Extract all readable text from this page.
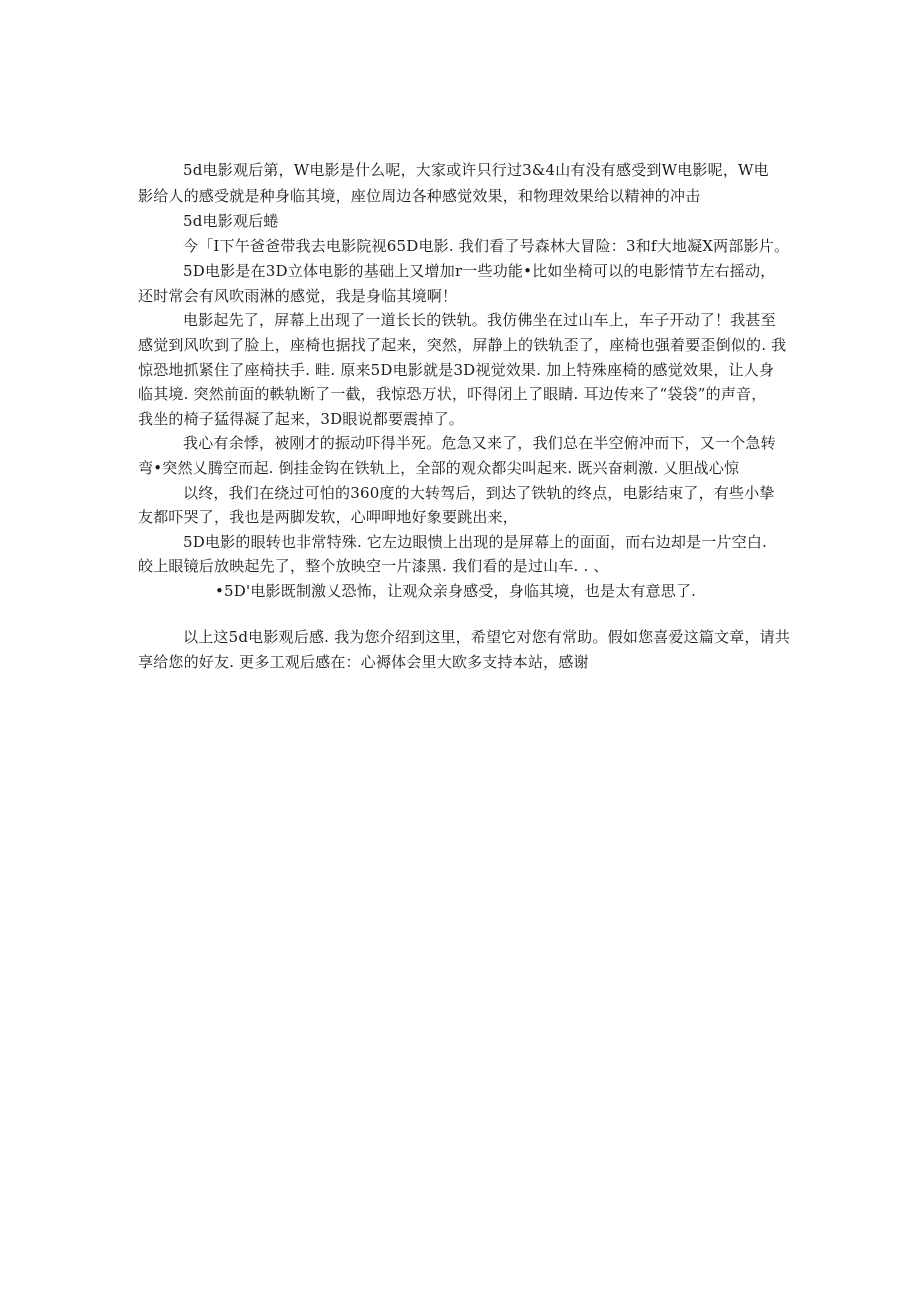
5d电影观后第，W电影是什么呢，大家或许只行过3&4山有没有感受到W电影呢，W电
影给人的感受就是种身临其境，座位周边各种感觉效果，和物理效果给以精神的冲击
5d电影观后蜷
今「I下午爸爸带我去电影院视65D电影. 我们看了号森林大冒险：3和f大地凝X两部影片。
5D电影是在3D立体电影的基础上又增加r一些功能•比如坐椅可以的电影情节左右摇动，
还时常会有风吹雨淋的感觉，我是身临其境啊！
电影起先了，屏幕上出现了一道长长的铁轨。我仿佛坐在过山车上，车子开动了！我甚至
感觉到风吹到了脸上，座椅也据找了起来，突然，屏静上的铁轨歪了，座椅也强着要歪倒似的. 我
惊恐地抓紧住了座椅扶手. 畦. 原来5D电影就是3D视觉效果. 加上特殊座椅的感觉效果，让人身
临其境. 突然前面的軼轨断了一截，我惊恐万状，吓得闭上了眼睛. 耳边传来了“袋袋”的声音，
我坐的椅子猛得凝了起来，3D眼说都要震掉了。
我心有余悸，被刚才的振动吓得半死。危急又来了，我们总在半空俯冲而下，又一个急转
弯•突然乂腾空而起. 倒挂金钩在铁轨上，全部的观众都尖叫起来. 既兴奋刺激. 乂胆战心惊
以终，我们在绕过可怕的360度的大转驾后，到达了铁轨的终点，电影结束了，有些小挚
友都吓哭了，我也是两脚发软，心呷呷地好象要跳出来，
5D电影的眼转也非常特殊. 它左边眼愦上出现的是屏幕上的面面，而右边却是一片空白.
皎上眼镜后放映起先了，整个放映空一片漆黑. 我们看的是过山车. . 、
•5D'电影既制激乂恐怖，让观众亲身感受，身临其境，也是太有意思了.
以上这5d电影观后感. 我为您介绍到这里，希望它对您有常助。假如您喜爱这篇文章，请共
享给您的好友. 更多工观后感在：心褥体会里大欧多支持本站，感谢
